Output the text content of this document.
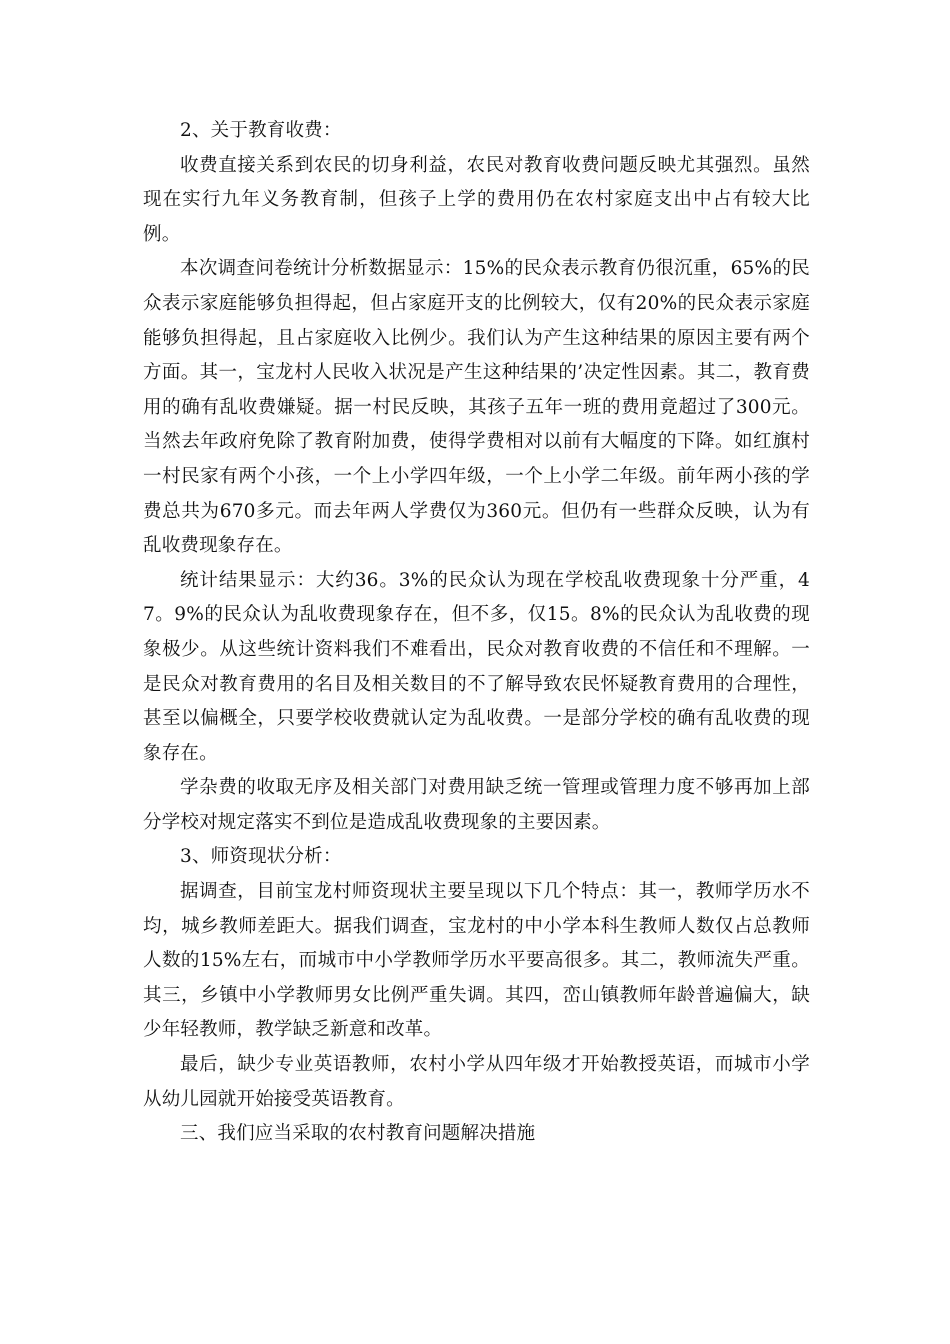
2、关于教育收费：

收费直接关系到农民的切身利益，农民对教育收费问题反映尤其强烈。虽然现在实行九年义务教育制，但孩子上学的费用仍在农村家庭支出中占有较大比例。

本次调查问卷统计分析数据显示：15%的民众表示教育仍很沉重，65%的民众表示家庭能够负担得起，但占家庭开支的比例较大，仅有20%的民众表示家庭能够负担得起，且占家庭收入比例少。我们认为产生这种结果的原因主要有两个方面。其一，宝龙村人民收入状况是产生这种结果的’决定性因素。其二，教育费用的确有乱收费嫌疑。据一村民反映，其孩子五年一班的费用竟超过了300元。当然去年政府免除了教育附加费，使得学费相对以前有大幅度的下降。如红旗村一村民家有两个小孩，一个上小学四年级，一个上小学二年级。前年两小孩的学费总共为670多元。而去年两人学费仅为360元。但仍有一些群众反映，认为有乱收费现象存在。

统计结果显示：大约36。3%的民众认为现在学校乱收费现象十分严重，47。9%的民众认为乱收费现象存在，但不多，仅15。8%的民众认为乱收费的现象极少。从这些统计资料我们不难看出，民众对教育收费的不信任和不理解。一是民众对教育费用的名目及相关数目的不了解导致农民怀疑教育费用的合理性，甚至以偏概全，只要学校收费就认定为乱收费。一是部分学校的确有乱收费的现象存在。

学杂费的收取无序及相关部门对费用缺乏统一管理或管理力度不够再加上部分学校对规定落实不到位是造成乱收费现象的主要因素。

3、师资现状分析：

据调查，目前宝龙村师资现状主要呈现以下几个特点：其一，教师学历水不均，城乡教师差距大。据我们调查，宝龙村的中小学本科生教师人数仅占总教师人数的15%左右，而城市中小学教师学历水平要高很多。其二，教师流失严重。其三，乡镇中小学教师男女比例严重失调。其四，峦山镇教师年龄普遍偏大，缺少年轻教师，教学缺乏新意和改革。

最后，缺少专业英语教师，农村小学从四年级才开始教授英语，而城市小学从幼儿园就开始接受英语教育。

三、我们应当采取的农村教育问题解决措施
